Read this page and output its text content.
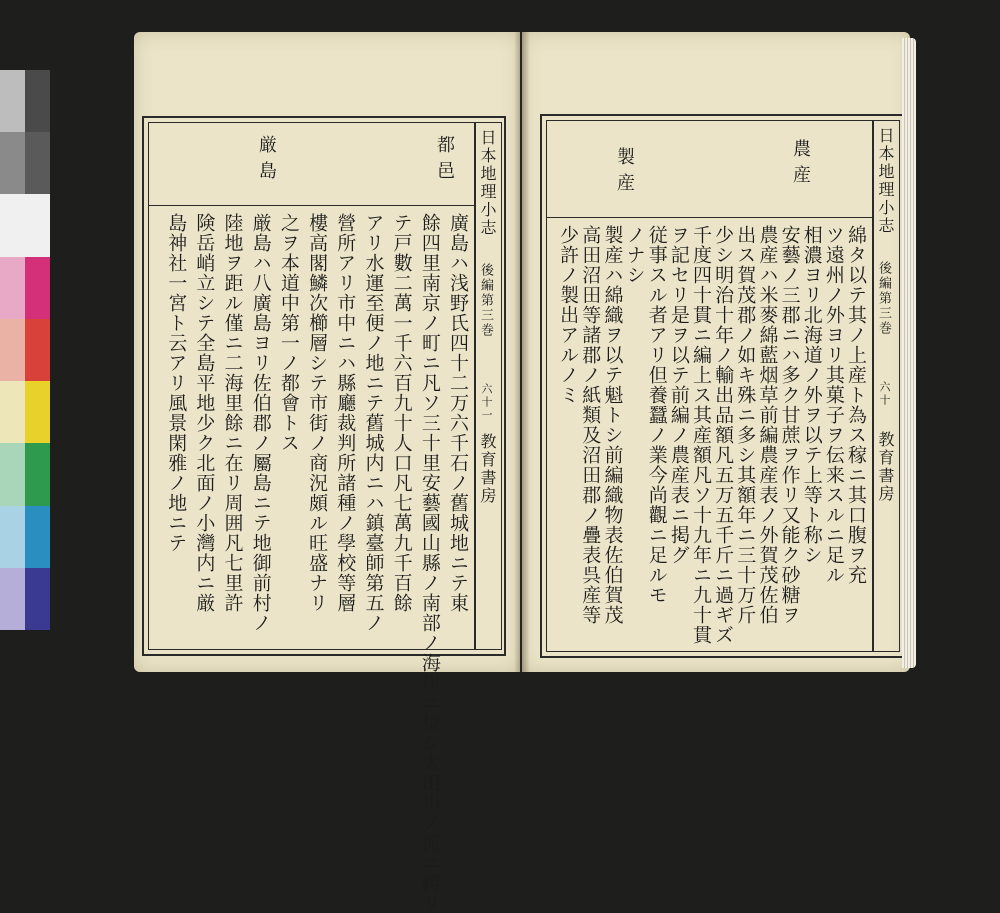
都邑
厳島
廣島ハ浅野氏四十二万六千石ノ舊城地ニテ東
餘四里南京ノ町ニ凡ソ三十里安藝國山縣ノ南部ノ海岸ニ位シ太田川ノ流ニ跨リ
テ戸數二萬一千六百九十人口凡七萬九千百餘
アリ水運至便ノ地ニテ舊城内ニハ鎮臺師第五ノ
營所アリ市中ニハ縣廳裁判所諸種ノ學校等層
樓高閣鱗次櫛層シテ市街ノ商況頗ル旺盛ナリ
之ヲ本道中第一ノ都會トス
厳島ハ八廣島ヨリ佐伯郡ノ屬島ニテ地御前村ノ
陸地ヲ距ル僅ニ二海里餘ニ在リ周囲凡七里許
険岳峭立シテ全島平地少ク北面ノ小灣内ニ厳
島神社一宮ト云アリ風景閑雅ノ地ニテ
日本地理小志
後編第三巻
六十一
教育書房
農産
製産
綿タ以テ其ノ上産ト為ス稼ニ其口腹ヲ充
ツ遠州ノ外ヨリ其菓子ヲ伝来スルニ足ル
相濃ヨリ北海道ノ外ヲ以テ上等ト称シ
安藝ノ三郡ニハ多ク甘蔗ヲ作リ又能ク砂糖ヲ
農産ハ米麥綿藍烟草前編農産表ノ外賀茂佐伯
出ス賀茂郡ノ如キ殊ニ多シ其額年ニ三十万斤
少シ明治十年ノ輸出品額凡五万五千斤ニ過ギズ
千度四十貫ニ編上ス其産額凡ソ十九年ニ九十貫
ヲ記セリ是ヲ以テ前編ノ農産表ニ掲グ
従事スル者アリ但養蠶ノ業今尚觀ニ足ルモ
ノナシ
製産ハ綿織ヲ以テ魁トシ前編織物表佐伯賀茂
高田沼田等諸郡ノ紙類及沼田郡ノ疊表呉産等
少許ノ製出アルノミ
日本地理小志
後編第三巻
六十
教育書房
